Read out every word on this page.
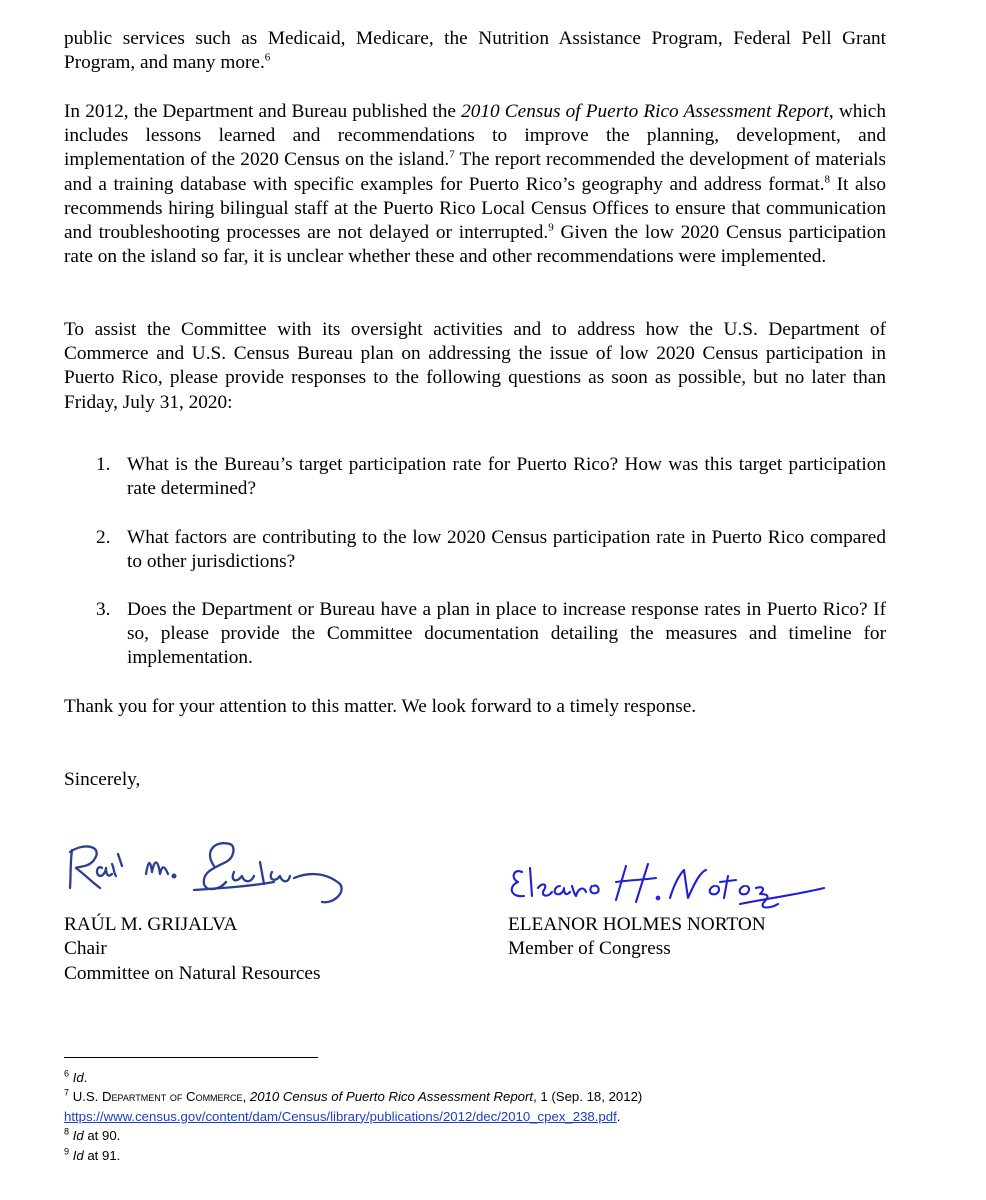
public services such as Medicaid, Medicare, the Nutrition Assistance Program, Federal Pell Grant Program, and many more.$^6$

In 2012, the Department and Bureau published the 2010 Census of Puerto Rico Assessment Report, which includes lessons learned and recommendations to improve the planning, development, and implementation of the 2020 Census on the island.$^7$ The report recommended the development of materials and a training database with specific examples for Puerto Rico’s geography and address format.$^8$ It also recommends hiring bilingual staff at the Puerto Rico Local Census Offices to ensure that communication and troubleshooting processes are not delayed or interrupted.$^9$ Given the low 2020 Census participation rate on the island so far, it is unclear whether these and other recommendations were implemented.

To assist the Committee with its oversight activities and to address how the U.S. Department of Commerce and U.S. Census Bureau plan on addressing the issue of low 2020 Census participation in Puerto Rico, please provide responses to the following questions as soon as possible, but no later than Friday, July 31, 2020:

1. What is the Bureau’s target participation rate for Puerto Rico? How was this target participation rate determined?
2. What factors are contributing to the low 2020 Census participation rate in Puerto Rico compared to other jurisdictions?
3. Does the Department or Bureau have a plan in place to increase response rates in Puerto Rico? If so, please provide the Committee documentation detailing the measures and timeline for implementation.

Thank you for your attention to this matter. We look forward to a timely response.

Sincerely,

RAÚL M. GRIJALVA
Chair
Committee on Natural Resources
ELEANOR HOLMES NORTON
Member of Congress
$^6$ Id.
$^7$ U.S. Department of Commerce, 2010 Census of Puerto Rico Assessment Report, 1 (Sep. 18, 2012)
https://www.census.gov/content/dam/Census/library/publications/2012/dec/2010_cpex_238.pdf.
$^8$ Id at 90.
$^9$ Id at 91.
